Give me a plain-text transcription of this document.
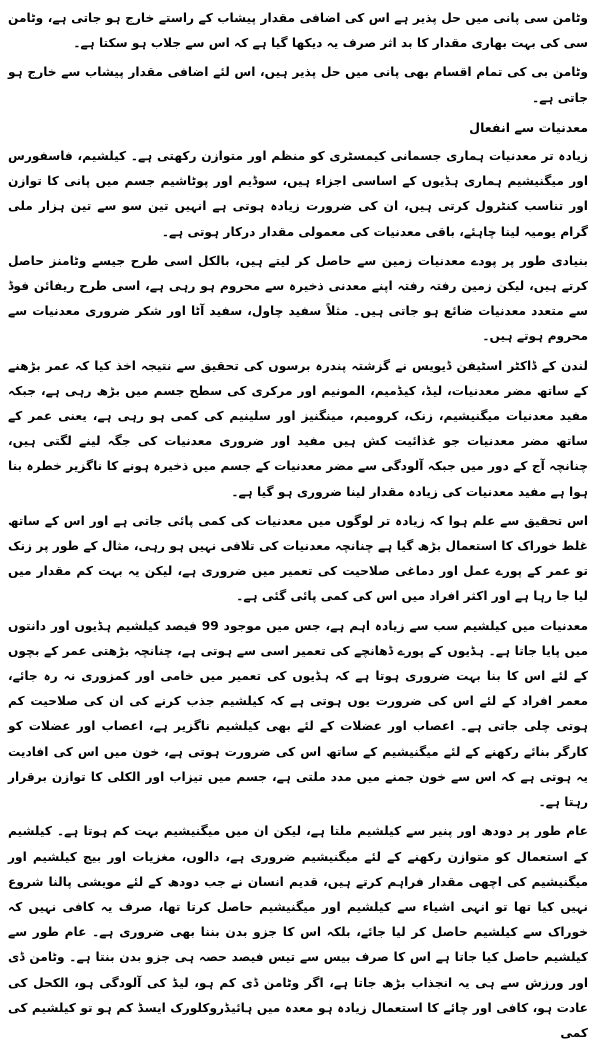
وٹامن سی پانی میں حل پذیر ہے اس کی اضافی مقدار پیشاب کے راستے خارج ہو جاتی ہے، وٹامن سی کی بہت بھاری مقدار کا بد اثر صرف یہ دیکھا گیا ہے کہ اس سے جلاب ہو سکتا ہے۔

وٹامن بی کی تمام اقسام بھی پانی میں حل پذیر ہیں، اس لئے اضافی مقدار پیشاب سے خارج ہو جاتی ہے۔

معدنیات سے انفعال

زیادہ تر معدنیات ہماری جسمانی کیمسٹری کو منظم اور متوازن رکھتی ہے۔ کیلشیم، فاسفورس اور میگنیشیم ہماری ہڈیوں کے اساسی اجزاء ہیں، سوڈیم اور پوٹاشیم جسم میں پانی کا توازن اور تناسب کنٹرول کرتی ہیں، ان کی ضرورت زیادہ ہوتی ہے انہیں تین سو سے تین ہزار ملی گرام یومیہ لینا چاہئے، باقی معدنیات کی معمولی مقدار درکار ہوتی ہے۔

بنیادی طور پر پودے معدنیات زمین سے حاصل کر لیتے ہیں، بالکل اسی طرح جیسے وٹامنز حاصل کرتے ہیں، لیکن زمین رفتہ رفتہ اپنے معدنی ذخیرہ سے محروم ہو رہی ہے، اسی طرح ریفائن فوڈ سے متعدد معدنیات ضائع ہو جاتی ہیں۔ مثلاً سفید چاول، سفید آٹا اور شکر ضروری معدنیات سے محروم ہوتے ہیں۔

لندن کے ڈاکٹر اسٹیفن ڈیویس نے گزشتہ پندرہ برسوں کی تحقیق سے نتیجہ اخذ کیا کہ عمر بڑھنے کے ساتھ مضر معدنیات، لیڈ، کیڈمیم، المونیم اور مرکری کی سطح جسم میں بڑھ رہی ہے، جبکہ مفید معدنیات میگنیشیم، زنک، کرومیم، مینگنیز اور سلینیم کی کمی ہو رہی ہے، یعنی عمر کے ساتھ مضر معدنیات جو غذائیت کش ہیں مفید اور ضروری معدنیات کی جگہ لینے لگتی ہیں، چنانچہ آج کے دور میں جبکہ آلودگی سے مضر معدنیات کے جسم میں ذخیرہ ہونے کا ناگزیر خطرہ بنا ہوا ہے مفید معدنیات کی زیادہ مقدار لینا ضروری ہو گیا ہے۔

اس تحقیق سے علم ہوا کہ زیادہ تر لوگوں میں معدنیات کی کمی پائی جاتی ہے اور اس کے ساتھ غلط خوراک کا استعمال بڑھ گیا ہے چنانچہ معدنیات کی تلافی نہیں ہو رہی، مثال کے طور پر زنک تو عمر کے پورے عمل اور دماغی صلاحیت کی تعمیر میں ضروری ہے، لیکن یہ بہت کم مقدار میں لیا جا رہا ہے اور اکثر افراد میں اس کی کمی پائی گئی ہے۔

معدنیات میں کیلشیم سب سے زیادہ اہم ہے، جس میں موجود 99 فیصد کیلشیم ہڈیوں اور دانتوں میں پایا جاتا ہے۔ ہڈیوں کے پورے ڈھانچے کی تعمیر اسی سے ہوتی ہے، چنانچہ بڑھتی عمر کے بچوں کے لئے اس کا بنا بہت ضروری ہوتا ہے کہ ہڈیوں کی تعمیر میں خامی اور کمزوری نہ رہ جائے، معمر افراد کے لئے اس کی ضرورت یوں ہوتی ہے کہ کیلشیم جذب کرنے کی ان کی صلاحیت کم ہوتی چلی جاتی ہے۔ اعصاب اور عضلات کے لئے بھی کیلشیم ناگزیر ہے، اعصاب اور عضلات کو کارگر بنائے رکھنے کے لئے میگنیشیم کے ساتھ اس کی ضرورت ہوتی ہے، خون میں اس کی افادیت یہ ہوتی ہے کہ اس سے خون جمنے میں مدد ملتی ہے، جسم میں تیزاب اور الکلی کا توازن برقرار رہتا ہے۔

عام طور پر دودھ اور پنیر سے کیلشیم ملتا ہے، لیکن ان میں میگنیشیم بہت کم ہوتا ہے۔ کیلشیم کے استعمال کو متوازن رکھنے کے لئے میگنیشیم ضروری ہے، دالوں، مغزیات اور بیج کیلشیم اور میگنیشیم کی اچھی مقدار فراہم کرتے ہیں، قدیم انسان نے جب دودھ کے لئے مویشی پالنا شروع نہیں کیا تھا تو انہی اشیاء سے کیلشیم اور میگنیشیم حاصل کرتا تھا، صرف یہ کافی نہیں کہ خوراک سے کیلشیم حاصل کر لیا جائے، بلکہ اس کا جزو بدن بننا بھی ضروری ہے۔ عام طور سے کیلشیم حاصل کیا جاتا ہے اس کا صرف بیس سے تیس فیصد حصہ ہی جزو بدن بنتا ہے۔ وٹامن ڈی اور ورزش سے ہی یہ انجذاب بڑھ جاتا ہے، اگر وٹامن ڈی کم ہو، لیڈ کی آلودگی ہو، الکحل کی عادت ہو، کافی اور چائے کا استعمال زیادہ ہو معدہ میں ہائیڈروکلورک ایسڈ کم ہو تو کیلشیم کی کمی
